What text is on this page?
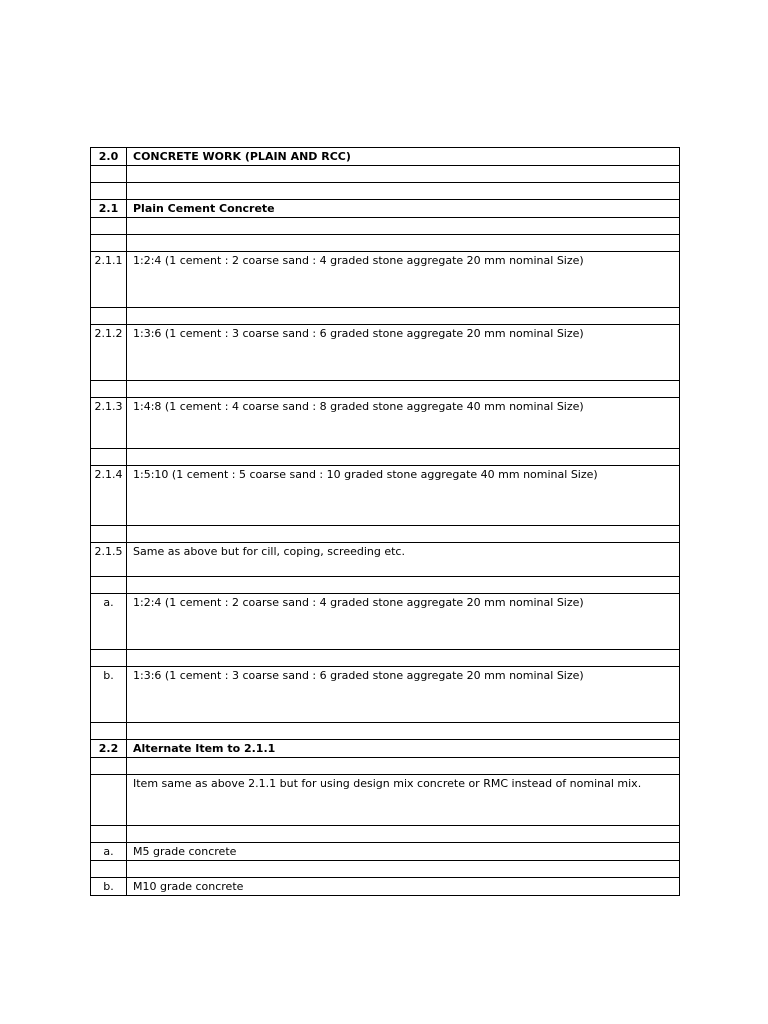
2.0	CONCRETE WORK (PLAIN AND RCC)

2.1	Plain Cement Concrete

2.1.1	1:2:4 (1 cement : 2 coarse sand : 4 graded stone aggregate 20 mm nominal Size)

2.1.2	1:3:6 (1 cement : 3 coarse sand : 6 graded stone aggregate 20 mm nominal Size)

2.1.3	1:4:8 (1 cement : 4 coarse sand : 8 graded stone aggregate 40 mm nominal Size)

2.1.4	1:5:10 (1 cement : 5 coarse sand : 10 graded stone aggregate 40 mm nominal Size)

2.1.5	Same as above but for cill, coping, screeding etc.

a.	1:2:4 (1 cement : 2 coarse sand : 4 graded stone aggregate 20 mm nominal Size)

b.	1:3:6 (1 cement : 3 coarse sand : 6 graded stone aggregate 20 mm nominal Size)

2.2	Alternate Item to 2.1.1

	Item same as above 2.1.1 but for using design mix concrete or RMC instead of nominal mix.

a.	M5 grade concrete

b.	M10 grade concrete
